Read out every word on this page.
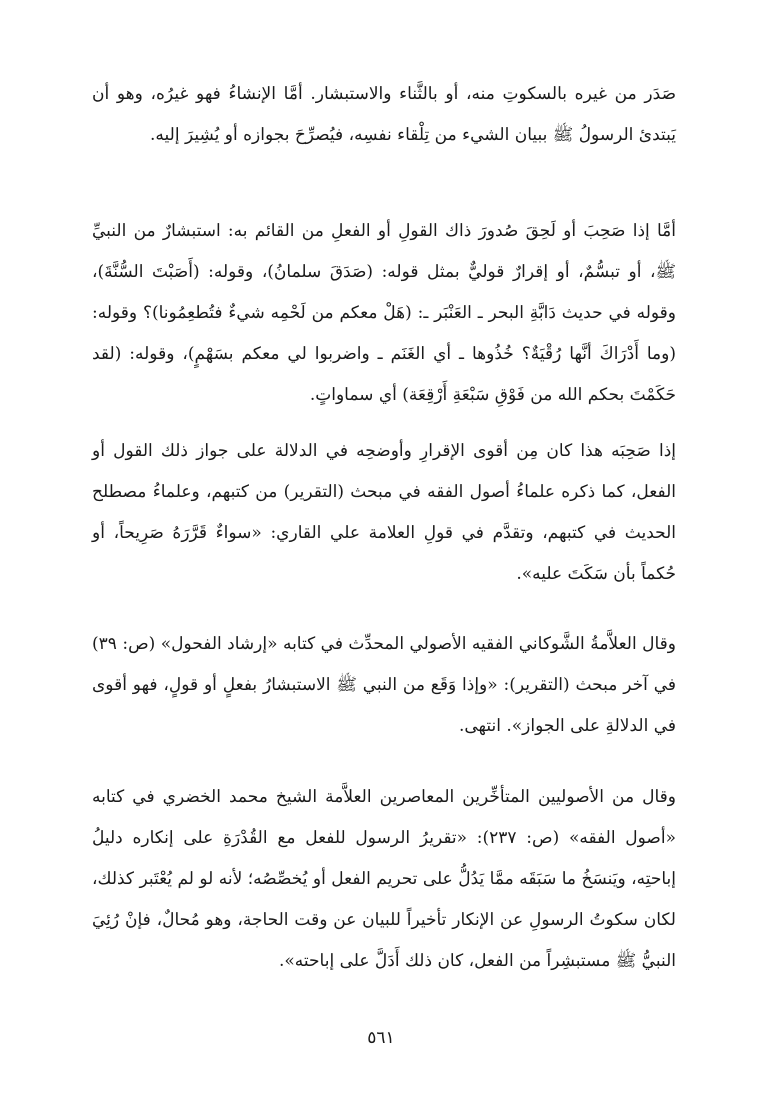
صَدَر من غيره بالسكوتِ منه، أو بالثَّناء والاستبشار. أمَّا الإنشاءُ فهو غيرُه، وهو أن يَبتدئ الرسولُ ﷺ ببيان الشيء من تِلْقاء نفسِه، فيُصرِّحَ بجوازه أو يُشِيرَ إليه.

أمَّا إذا صَحِبَ أو لَحِقَ صُدورَ ذاك القولِ أو الفعلِ من القائم به: استبشارٌ من النبيِّ ﷺ، أو تبسُّمٌ، أو إقرارٌ قوليٌّ بمثل قوله: (صَدَقَ سلمانُ)، وقوله: (أَصَبْتَ السُّنَّةَ)، وقوله في حديث دَابَّةِ البحر ـ العَنْبَر ـ: (هَلْ معكم من لَحْمِه شيءٌ فتُطعِمُونا)؟ وقوله: (وما أَدْرَاكَ أنَّها رُقْيَةٌ؟ خُذُوها ـ أي الغَنَم ـ واضربوا لي معكم بسَهْمٍ)، وقوله: (لقد حَكَمْتَ بحكم الله من فَوْقِ سَبْعَةِ أَرْقِعَة) أي سماواتٍ.

إذا صَحِبَه هذا كان مِن أقوى الإقرارِ وأوضحِه في الدلالة على جواز ذلك القول أو الفعل، كما ذكره علماءُ أصول الفقه في مبحث (التقرير) من كتبهم، وعلماءُ مصطلح الحديث في كتبهم، وتقدَّم في قولِ العلامة علي القاري: «سواءٌ قَرَّرَهُ صَرِيحاً، أو حُكماً بأن سَكَتَ عليه».

وقال العلاَّمةُ الشَّوكاني الفقيه الأصولي المحدِّث في كتابه «إرشاد الفحول» (ص: ٣٩) في آخر مبحث (التقرير): «وإذا وَقَع من النبي ﷺ الاستبشارُ بفعلٍ أو قولٍ، فهو أقوى في الدلالةِ على الجواز». انتهى.

وقال من الأصوليين المتأخِّرين المعاصرين العلاَّمة الشيخ محمد الخضري في كتابه «أصول الفقه» (ص: ٢٣٧): «تقريرُ الرسول للفعل مع القُدْرَةِ على إنكاره دليلُ إباحتِه، ويَنسَخُ ما سَبَقَه ممَّا يَدُلُّ على تحريم الفعل أو يُخصِّصُه؛ لأنه لو لم يُعْتَبر كذلك، لكان سكوتُ الرسولِ عن الإنكار تأخيراً للبيان عن وقت الحاجة، وهو مُحالٌ، فإنْ رُئِيَ النبيُّ ﷺ مستبشِراً من الفعل، كان ذلك أَدَلَّ على إباحته».

٥٦١
